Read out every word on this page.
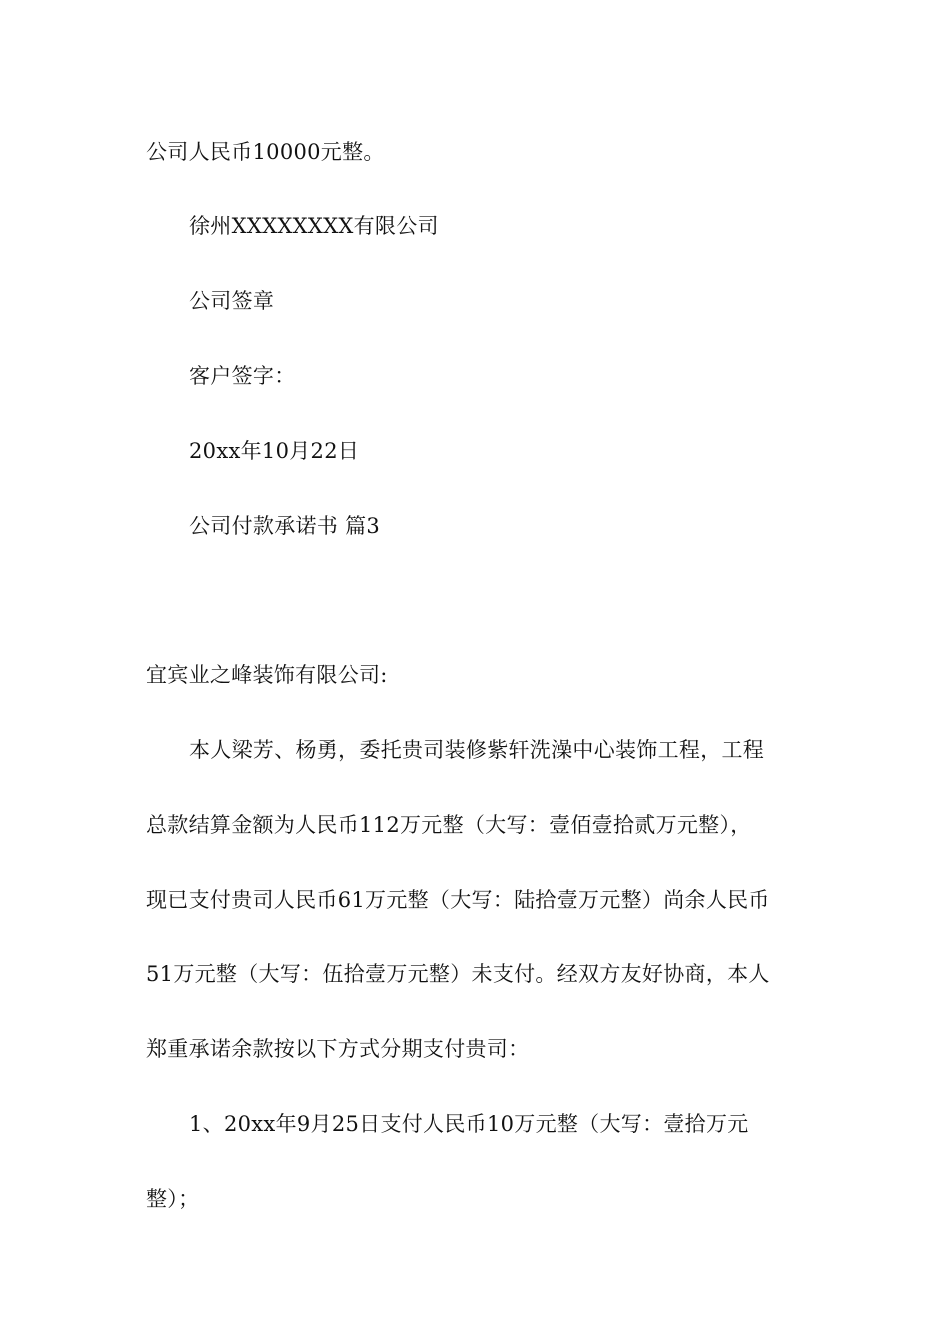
公司人民币10000元整。
徐州XXXXXXXX有限公司
公司签章
客户签字：
20xx年10月22日
公司付款承诺书 篇3
宜宾业之峰装饰有限公司:
本人梁芳、杨勇，委托贵司装修紫轩洗澡中心装饰工程，工程
总款结算金额为人民币112万元整（大写：壹佰壹拾贰万元整），
现已支付贵司人民币61万元整（大写：陆拾壹万元整）尚余人民币
51万元整（大写：伍拾壹万元整）未支付。经双方友好协商，本人
郑重承诺余款按以下方式分期支付贵司：
1、20xx年9月25日支付人民币10万元整（大写：壹拾万元
整）；
